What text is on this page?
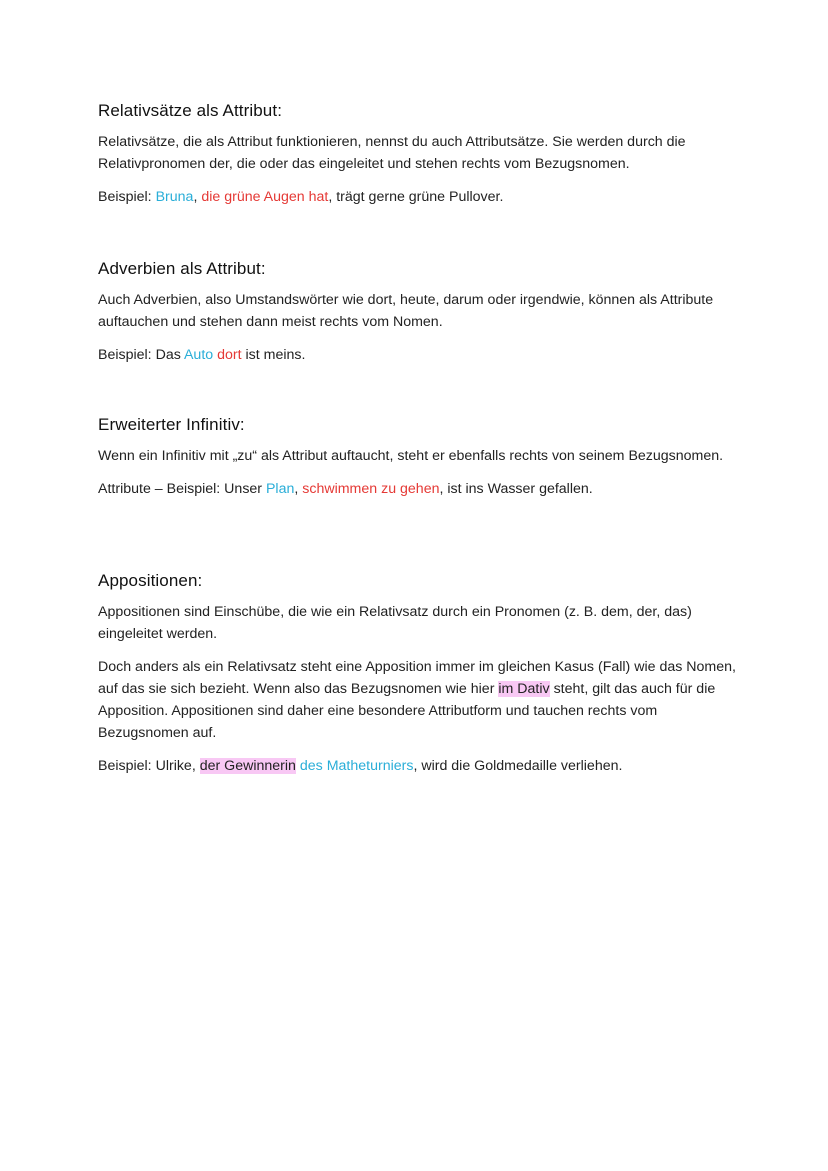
Relativsätze als Attribut:

Relativsätze, die als Attribut funktionieren, nennst du auch Attributsätze. Sie werden durch die Relativpronomen der, die oder das eingeleitet und stehen rechts vom Bezugsnomen.

Beispiel: Bruna, die grüne Augen hat, trägt gerne grüne Pullover.

Adverbien als Attribut:

Auch Adverbien, also Umstandswörter wie dort, heute, darum oder irgendwie, können als Attribute auftauchen und stehen dann meist rechts vom Nomen.

Beispiel: Das Auto dort ist meins.

Erweiterter Infinitiv:

Wenn ein Infinitiv mit „zu“ als Attribut auftaucht, steht er ebenfalls rechts von seinem Bezugsnomen.

Attribute – Beispiel: Unser Plan, schwimmen zu gehen, ist ins Wasser gefallen.

Appositionen:

Appositionen sind Einschübe, die wie ein Relativsatz durch ein Pronomen (z. B. dem, der, das) eingeleitet werden.

Doch anders als ein Relativsatz steht eine Apposition immer im gleichen Kasus (Fall) wie das Nomen, auf das sie sich bezieht. Wenn also das Bezugsnomen wie hier im Dativ steht, gilt das auch für die Apposition. Appositionen sind daher eine besondere Attributform und tauchen rechts vom Bezugsnomen auf.

Beispiel: Ulrike, der Gewinnerin des Matheturniers, wird die Goldmedaille verliehen.
